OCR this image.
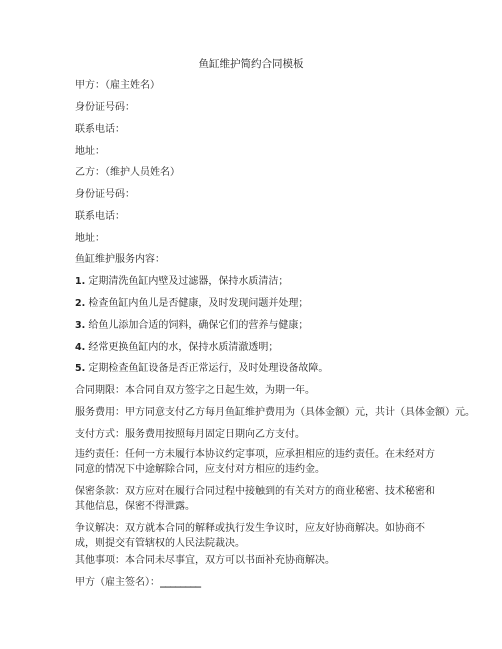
鱼缸维护简约合同模板
甲方：（雇主姓名）
身份证号码：
联系电话：
地址：
乙方：（维护人员姓名）
身份证号码：
联系电话：
地址：
鱼缸维护服务内容：
1. 定期清洗鱼缸内壁及过滤器，保持水质清洁；
2. 检查鱼缸内鱼儿是否健康，及时发现问题并处理；
3. 给鱼儿添加合适的饲料，确保它们的营养与健康；
4. 经常更换鱼缸内的水，保持水质清澈透明；
5. 定期检查鱼缸设备是否正常运行，及时处理设备故障。
合同期限：本合同自双方签字之日起生效，为期一年。
服务费用：甲方同意支付乙方每月鱼缸维护费用为（具体金额）元，共计（具体金额）元。
支付方式：服务费用按照每月固定日期向乙方支付。
违约责任：任何一方未履行本协议约定事项，应承担相应的违约责任。在未经对方同意的情况下中途解除合同，应支付对方相应的违约金。
保密条款：双方应对在履行合同过程中接触到的有关对方的商业秘密、技术秘密和其他信息，保密不得泄露。
争议解决：双方就本合同的解释或执行发生争议时，应友好协商解决。如协商不成，则提交有管辖权的人民法院裁决。
其他事项：本合同未尽事宜，双方可以书面补充协商解决。
甲方（雇主签名）：________
